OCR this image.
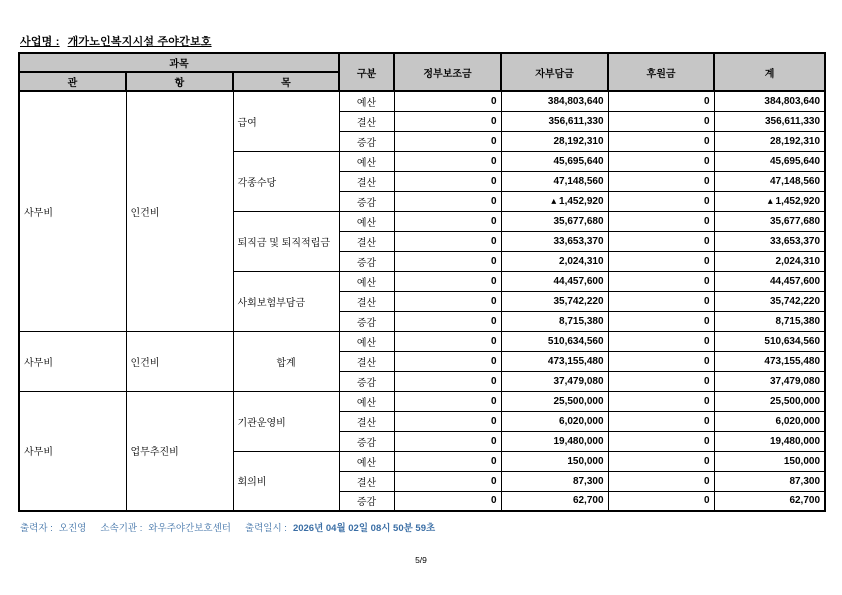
사업명 : 개가노인복지시설 주야간보호
과목			구분	정부보조금	자부담금	후원금	계
관	항	목					
사무비	인건비	급여	예산	0	384,803,640	0	384,803,640
			결산	0	356,611,330	0	356,611,330
			증감	0	28,192,310	0	28,192,310
		각종수당	예산	0	45,695,640	0	45,695,640
			결산	0	47,148,560	0	47,148,560
			증감	0	▴ 1,452,920	0	▴ 1,452,920
		퇴직금 및 퇴직적립금	예산	0	35,677,680	0	35,677,680
			결산	0	33,653,370	0	33,653,370
			증감	0	2,024,310	0	2,024,310
		사회보험부담금	예산	0	44,457,600	0	44,457,600
			결산	0	35,742,220	0	35,742,220
			증감	0	8,715,380	0	8,715,380
사무비	인건비	합계	예산	0	510,634,560	0	510,634,560
			결산	0	473,155,480	0	473,155,480
			증감	0	37,479,080	0	37,479,080
사무비	업무추진비	기관운영비	예산	0	25,500,000	0	25,500,000
			결산	0	6,020,000	0	6,020,000
			증감	0	19,480,000	0	19,480,000
		회의비	예산	0	150,000	0	150,000
			결산	0	87,300	0	87,300
			증감	0	62,700	0	62,700
출력자 : 오진영 소속기관 : 와우주야간보호센터 출력일시 : 2026년 04월 02일 08시 50분 59초
5/9
